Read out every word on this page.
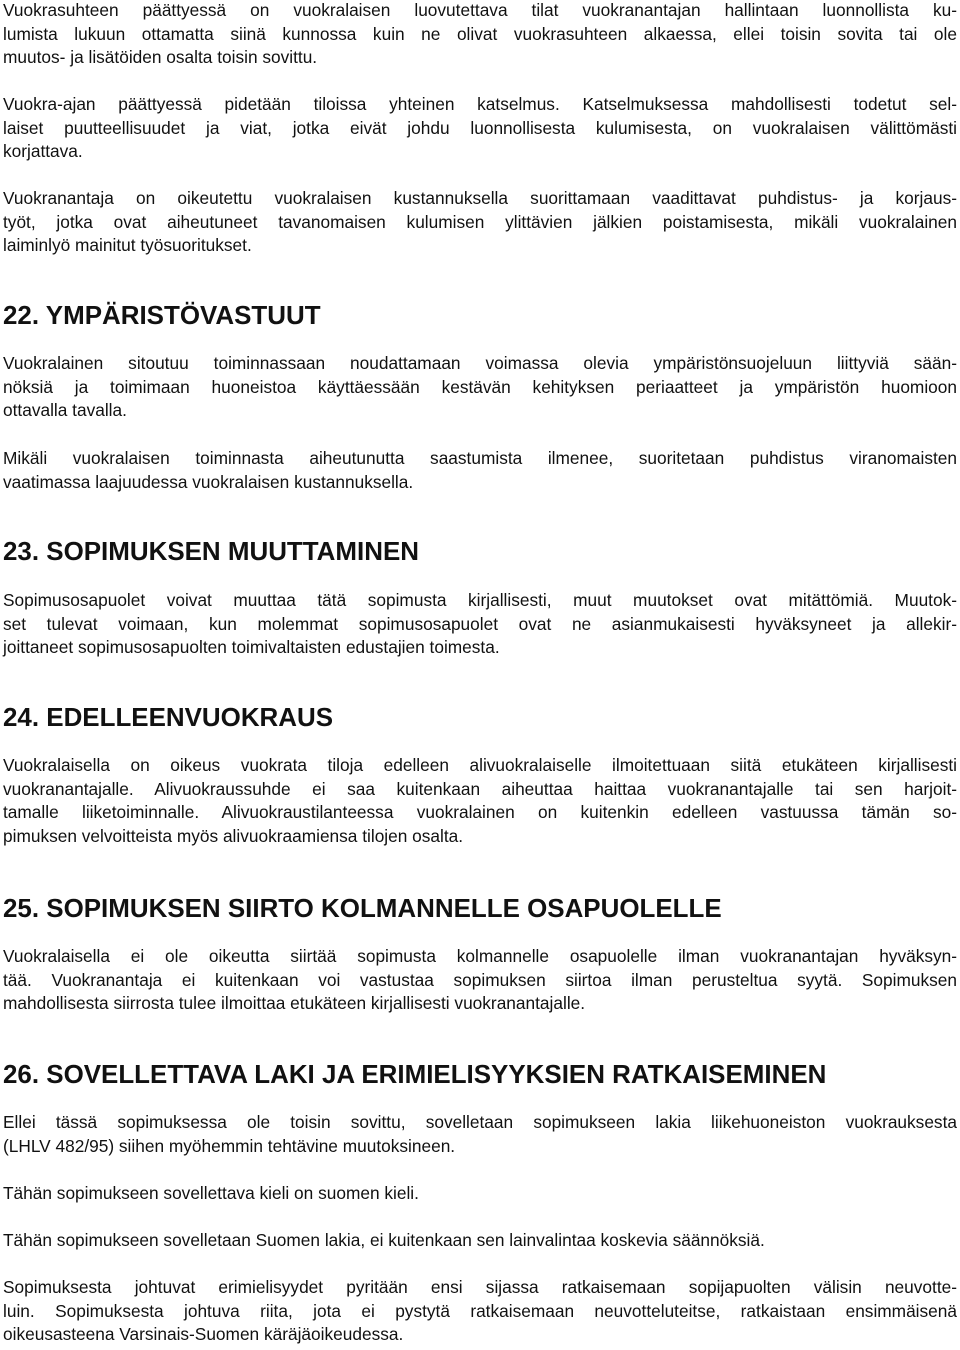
Vuokrasuhteen päättyessä on vuokralaisen luovutettava tilat vuokranantajan hallintaan luonnollista ku-
lumista lukuun ottamatta siinä kunnossa kuin ne olivat vuokrasuhteen alkaessa, ellei toisin sovita tai ole
muutos- ja lisätöiden osalta toisin sovittu.

Vuokra-ajan päättyessä pidetään tiloissa yhteinen katselmus. Katselmuksessa mahdollisesti todetut sel-
laiset puutteellisuudet ja viat, jotka eivät johdu luonnollisesta kulumisesta, on vuokralaisen välittömästi
korjattava.

Vuokranantaja on oikeutettu vuokralaisen kustannuksella suorittamaan vaadittavat puhdistus- ja korjaus-
työt, jotka ovat aiheutuneet tavanomaisen kulumisen ylittävien jälkien poistamisesta, mikäli vuokralainen
laiminlyö mainitut työsuoritukset.

22. YMPÄRISTÖVASTUUT

Vuokralainen sitoutuu toiminnassaan noudattamaan voimassa olevia ympäristönsuojeluun liittyviä sään-
nöksiä ja toimimaan huoneistoa käyttäessään kestävän kehityksen periaatteet ja ympäristön huomioon
ottavalla tavalla.

Mikäli vuokralaisen toiminnasta aiheutunutta saastumista ilmenee, suoritetaan puhdistus viranomaisten
vaatimassa laajuudessa vuokralaisen kustannuksella.

23. SOPIMUKSEN MUUTTAMINEN

Sopimusosapuolet voivat muuttaa tätä sopimusta kirjallisesti, muut muutokset ovat mitättömiä. Muutok-
set tulevat voimaan, kun molemmat sopimusosapuolet ovat ne asianmukaisesti hyväksyneet ja allekir-
joittaneet sopimusosapuolten toimivaltaisten edustajien toimesta.

24. EDELLEENVUOKRAUS

Vuokralaisella on oikeus vuokrata tiloja edelleen alivuokralaiselle ilmoitettuaan siitä etukäteen kirjallisesti
vuokranantajalle. Alivuokraussuhde ei saa kuitenkaan aiheuttaa haittaa vuokranantajalle tai sen harjoit-
tamalle liiketoiminnalle. Alivuokraustilanteessa vuokralainen on kuitenkin edelleen vastuussa tämän so-
pimuksen velvoitteista myös alivuokraamiensa tilojen osalta.

25. SOPIMUKSEN SIIRTO KOLMANNELLE OSAPUOLELLE

Vuokralaisella ei ole oikeutta siirtää sopimusta kolmannelle osapuolelle ilman vuokranantajan hyväksyn-
tää. Vuokranantaja ei kuitenkaan voi vastustaa sopimuksen siirtoa ilman perusteltua syytä. Sopimuksen
mahdollisesta siirrosta tulee ilmoittaa etukäteen kirjallisesti vuokranantajalle.

26. SOVELLETTAVA LAKI JA ERIMIELISYYKSIEN RATKAISEMINEN

Ellei tässä sopimuksessa ole toisin sovittu, sovelletaan sopimukseen lakia liikehuoneiston vuokrauksesta
(LHLV 482/95) siihen myöhemmin tehtävine muutoksineen.

Tähän sopimukseen sovellettava kieli on suomen kieli.

Tähän sopimukseen sovelletaan Suomen lakia, ei kuitenkaan sen lainvalintaa koskevia säännöksiä.

Sopimuksesta johtuvat erimielisyydet pyritään ensi sijassa ratkaisemaan sopijapuolten välisin neuvotte-
luin. Sopimuksesta johtuva riita, jota ei pystytä ratkaisemaan neuvotteluteitse, ratkaistaan ensimmäisenä
oikeusasteena Varsinais-Suomen käräjäoikeudessa.
